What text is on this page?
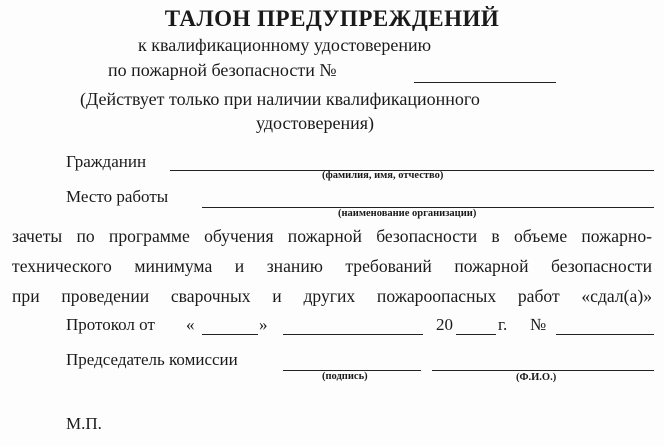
ТАЛОН ПРЕДУПРЕЖДЕНИЙ
к квалификационному удостоверению
по пожарной безопасности №
(Действует только при наличии квалификационного
удостоверения)
Гражданин
(фамилия, имя, отчество)
Место работы
(наименование организации)
зачеты по программе обучения пожарной безопасности в объеме пожарно-
технического минимума и знанию требований пожарной безопасности
при проведении сварочных и других пожароопасных работ «сдал(а)»
Протокол от «	»	20	г. №
Председатель комиссии
(подпись)	(Ф.И.О.)
М.П.
